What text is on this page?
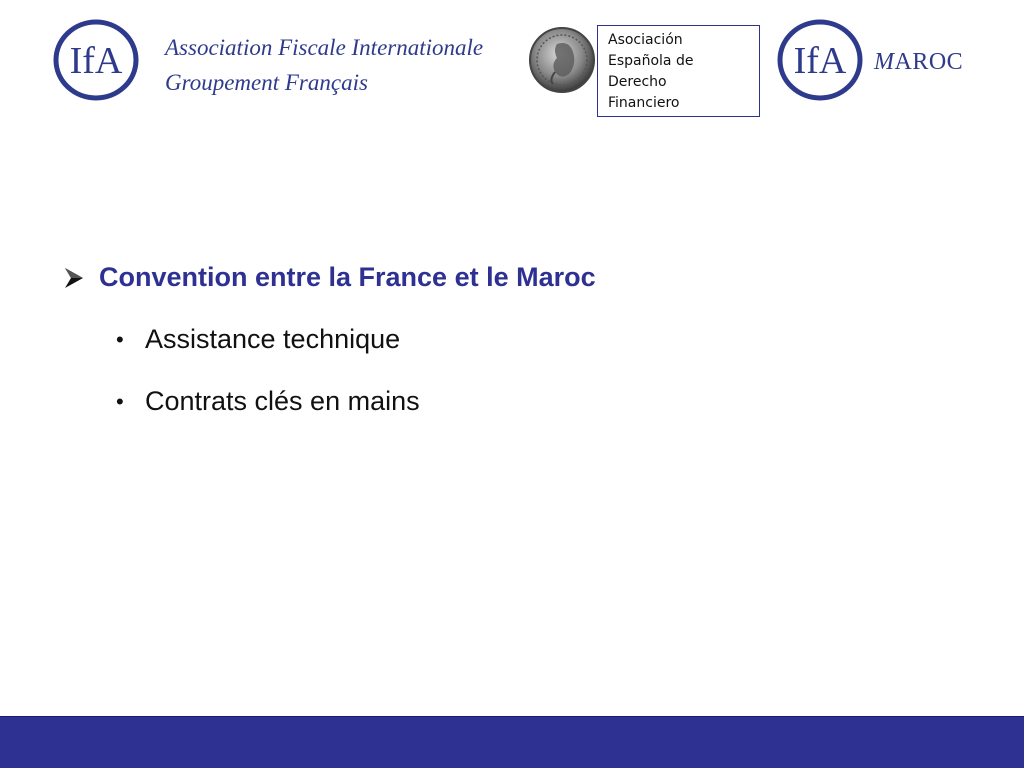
IfA Association Fiscale Internationale
Groupement Français
Asociación
Española de
Derecho
Financiero
IfA MAROC
Convention entre la France et le Maroc
• Assistance technique
• Contrats clés en mains
